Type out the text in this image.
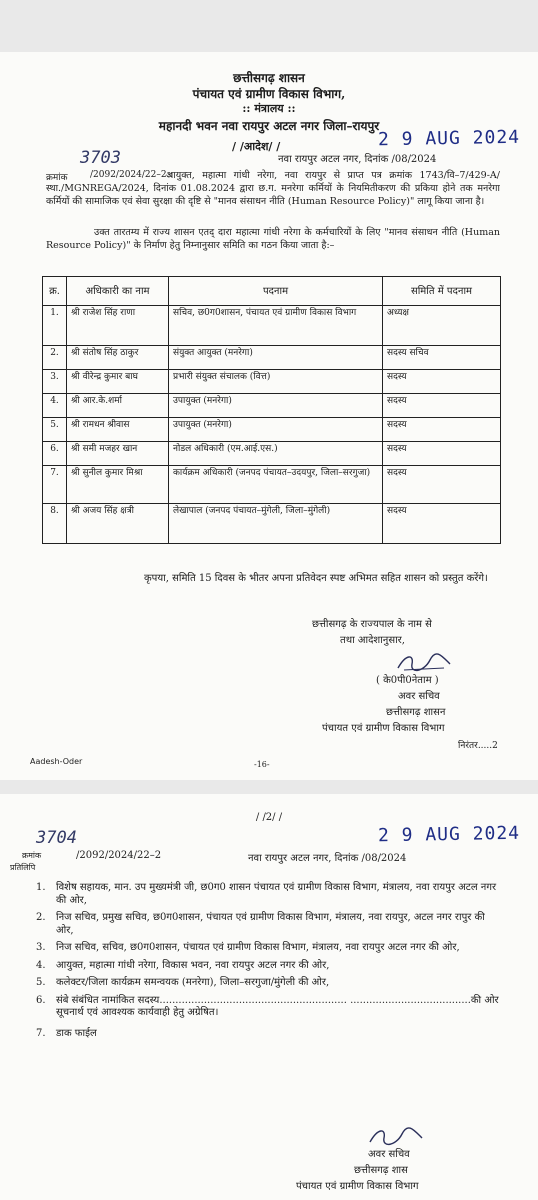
छत्तीसगढ़ शासन
पंचायत एवं ग्रामीण विकास विभाग,
:: मंत्रालय ::
महानदी भवन नवा रायपुर अटल नगर जिला–रायपुर
2 9 AUG 2024
/ /आदेश/ /
3703	नवा रायपुर अटल नगर, दिनांक /08/2024
क्रमांक /2092/2024/22–2::
आयुक्त, महात्मा गांधी नरेगा, नवा रायपुर से प्राप्त पत्र क्रमांक 1743/वि–7/429-A/स्था./MGNREGA/2024, दिनांक 01.08.2024 द्वारा छ.ग. मनरेगा कर्मियों के नियमितीकरण की प्रकिया होने तक मनरेगा कर्मियों की सामाजिक एवं सेवा सुरक्षा की दृष्टि से "मानव संसाधन नीति (Human Resource Policy)" लागू किया जाना है।
उक्त तारतम्य में राज्य शासन एतद् दारा महात्मा गांधी नरेगा के कर्मचारियों के लिए "मानव संसाधन नीति (Human Resource Policy)" के निर्माण हेतु निम्नानुसार समिति का गठन किया जाता है:–
क्र.	अधिकारी का नाम	पदनाम	समिति में पदनाम
1.	श्री राजेश सिंह राणा	सचिव, छ0ग0शासन, पंचायत एवं ग्रामीण विकास विभाग	अध्यक्ष
2.	श्री संतोष सिंह ठाकुर	संयुक्त आयुक्त (मनरेगा)	सदस्य सचिव
3.	श्री वीरेन्द्र कुमार बाघ	प्रभारी संयुक्त संचालक (वित्त)	सदस्य
4.	श्री आर.के.शर्मा	उपायुक्त (मनरेगा)	सदस्य
5.	श्री रामधन श्रीवास	उपायुक्त (मनरेगा)	सदस्य
6.	श्री समी मजहर खान	नोडल अधिकारी (एम.आई.एस.)	सदस्य
7.	श्री सुनील कुमार मिश्रा	कार्यक्रम अधिकारी (जनपद पंचायत–उदयपुर, जिला–सरगुजा)	सदस्य
8.	श्री अजय सिंह क्षत्री	लेखापाल (जनपद पंचायत–मुंगेली, जिला–मुंगेली)	सदस्य
कृपया, समिति 15 दिवस के भीतर अपना प्रतिवेदन स्पष्ट अभिमत सहित शासन को प्रस्तुत करेंगे।
छत्तीसगढ़ के राज्यपाल के नाम से
तथा आदेशानुसार,
( के0पी0नेताम )
अवर सचिव
छत्तीसगढ़ शासन
पंचायत एवं ग्रामीण विकास विभाग
निरंतर.....2
Aadesh-Oder	-16-
/ /2/ /
2 9 AUG 2024
3704
क्रमांक
प्रतिलिपि
/2092/2024/22–2	नवा रायपुर अटल नगर, दिनांक /08/2024
1. विशेष सहायक, मान. उप मुख्यमंत्री जी, छ0ग0 शासन पंचायत एवं ग्रामीण विकास विभाग, मंत्रालय, नवा रायपुर अटल नगर की ओर,
2. निज सचिव, प्रमुख सचिव, छ0ग0शासन, पंचायत एवं ग्रामीण विकास विभाग, मंत्रालय, नवा रायपुर, अटल नगर रापुर की ओर,
3. निज सचिव, सचिव, छ0ग0शासन, पंचायत एवं ग्रामीण विकास विभाग, मंत्रालय, नवा रायपुर अटल नगर की ओर,
4. आयुक्त, महात्मा गांधी नरेगा, विकास भवन, नवा रायपुर अटल नगर की ओर,
5. कलेक्टर/जिला कार्यक्रम समन्वयक (मनरेगा), जिला–सरगुजा/मुंगेली की ओर,
6. संबे संबंधित नामांकित सदस्य........................................................... ......................................की ओर सूचनार्थ एवं आवश्यक कार्यवाही हेतु अग्रेषित।
7. डाक फाईल
अवर सचिव
छत्तीसगढ़ शास
पंचायत एवं ग्रामीण विकास विभाग
